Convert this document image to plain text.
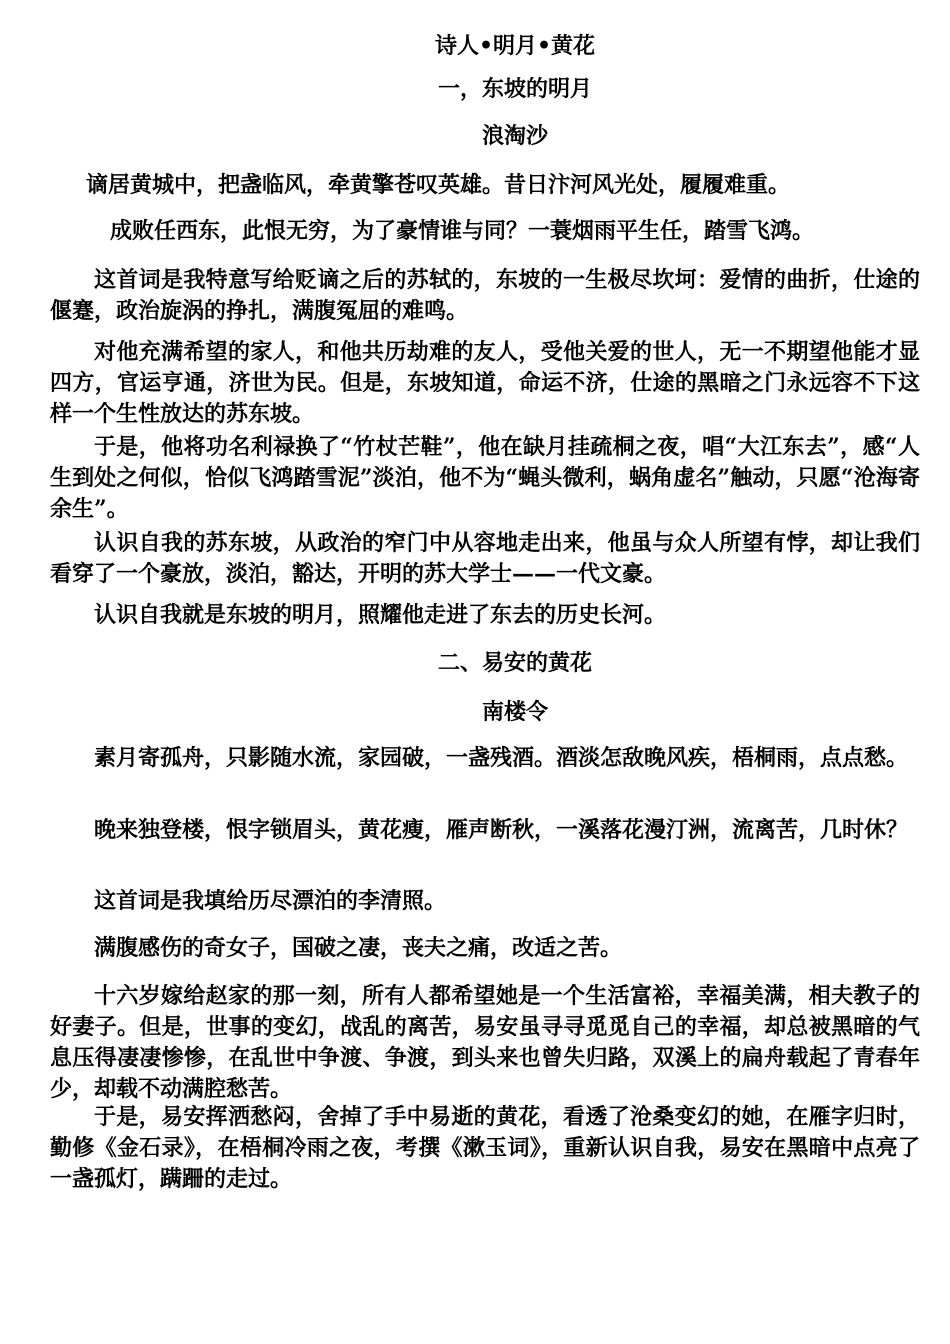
诗人•明月•黄花
一，东坡的明月
浪淘沙

谪居黄城中，把盏临风，牵黄擎苍叹英雄。昔日汴河风光处，履履难重。

成败任西东，此恨无穷，为了豪情谁与同？一蓑烟雨平生任，踏雪飞鸿。

这首词是我特意写给贬谪之后的苏轼的，东坡的一生极尽坎坷：爱情的曲折，仕途的偃蹇，政治旋涡的挣扎，满腹冤屈的难鸣。

对他充满希望的家人，和他共历劫难的友人，受他关爱的世人，无一不期望他能才显四方，官运亨通，济世为民。但是，东坡知道，命运不济，仕途的黑暗之门永远容不下这样一个生性放达的苏东坡。

于是，他将功名利禄换了“竹杖芒鞋”，他在缺月挂疏桐之夜，唱“大江东去”，感“人生到处之何似，恰似飞鸿踏雪泥”淡泊，他不为“蝇头微利，蜗角虚名”触动，只愿“沧海寄余生”。

认识自我的苏东坡，从政治的窄门中从容地走出来，他虽与众人所望有悖，却让我们看穿了一个豪放，淡泊，豁达，开明的苏大学士——一代文豪。

认识自我就是东坡的明月，照耀他走进了东去的历史长河。

二、易安的黄花
南楼令

素月寄孤舟，只影随水流，家园破，一盏残酒。酒淡怎敌晚风疾，梧桐雨，点点愁。

晚来独登楼，恨字锁眉头，黄花瘦，雁声断秋，一溪落花漫汀洲，流离苦，几时休？

这首词是我填给历尽漂泊的李清照。

满腹感伤的奇女子，国破之凄，丧夫之痛，改适之苦。

十六岁嫁给赵家的那一刻，所有人都希望她是一个生活富裕，幸福美满，相夫教子的好妻子。但是，世事的变幻，战乱的离苦，易安虽寻寻觅觅自己的幸福，却总被黑暗的气息压得凄凄惨惨，在乱世中争渡、争渡，到头来也曾失归路，双溪上的扁舟载起了青春年少，却载不动满腔愁苦。

于是，易安挥洒愁闷，舍掉了手中易逝的黄花，看透了沧桑变幻的她，在雁字归时，勤修《金石录》，在梧桐冷雨之夜，考撰《漱玉词》，重新认识自我，易安在黑暗中点亮了一盏孤灯，蹒跚的走过。
